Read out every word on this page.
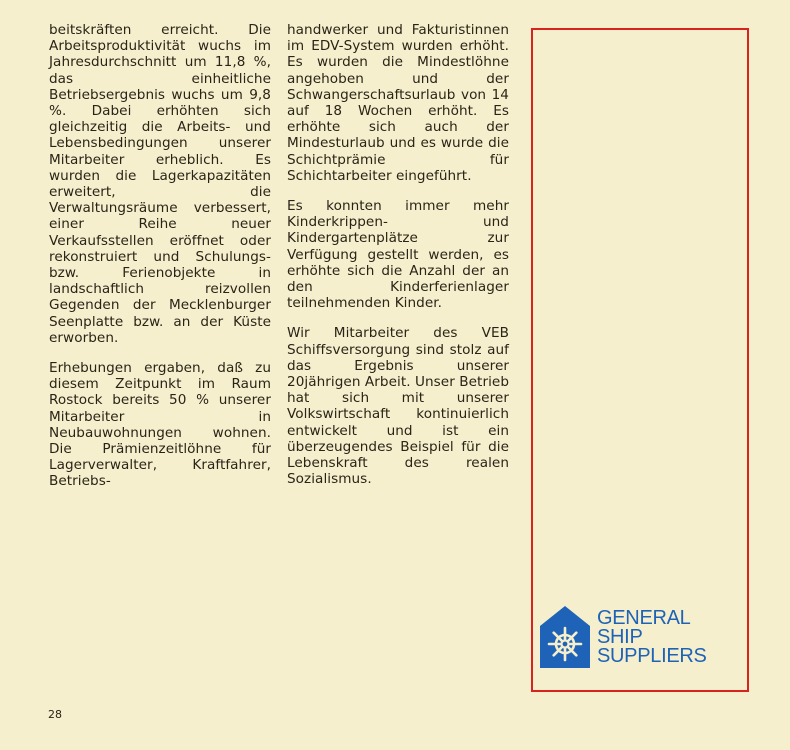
beitskräften erreicht. Die Arbeitsproduktivität wuchs im Jahresdurchschnitt um 11,8 %, das einheitliche Betriebsergebnis wuchs um 9,8 %. Dabei erhöhten sich gleichzeitig die Arbeits- und Lebensbedingungen unserer Mitarbeiter erheblich. Es wurden die Lagerkapazitäten erweitert, die Verwaltungsräume verbessert, einer Reihe neuer Verkaufsstellen eröffnet oder rekonstruiert und Schulungs- bzw. Ferienobjekte in landschaftlich reizvollen Gegenden der Mecklenburger Seenplatte bzw. an der Küste erworben.

Erhebungen ergaben, daß zu diesem Zeitpunkt im Raum Rostock bereits 50 % unserer Mitarbeiter in Neubauwohnungen wohnen. Die Prämienzeitlöhne für Lagerverwalter, Kraftfahrer, Betriebs-

handwerker und Fakturistinnen im EDV-System wurden erhöht. Es wurden die Mindestlöhne angehoben und der Schwangerschaftsurlaub von 14 auf 18 Wochen erhöht. Es erhöhte sich auch der Mindesturlaub und es wurde die Schichtprämie für Schichtarbeiter eingeführt.

Es konnten immer mehr Kinderkrippen- und Kindergartenplätze zur Verfügung gestellt werden, es erhöhte sich die Anzahl der an den Kinderferienlager teilnehmenden Kinder.

Wir Mitarbeiter des VEB Schiffsversorgung sind stolz auf das Ergebnis unserer 20jährigen Arbeit. Unser Betrieb hat sich mit unserer Volkswirtschaft kontinuierlich entwickelt und ist ein überzeugendes Beispiel für die Lebenskraft des realen Sozialismus.

GENERAL
SHIP
SUPPLIERS
28
